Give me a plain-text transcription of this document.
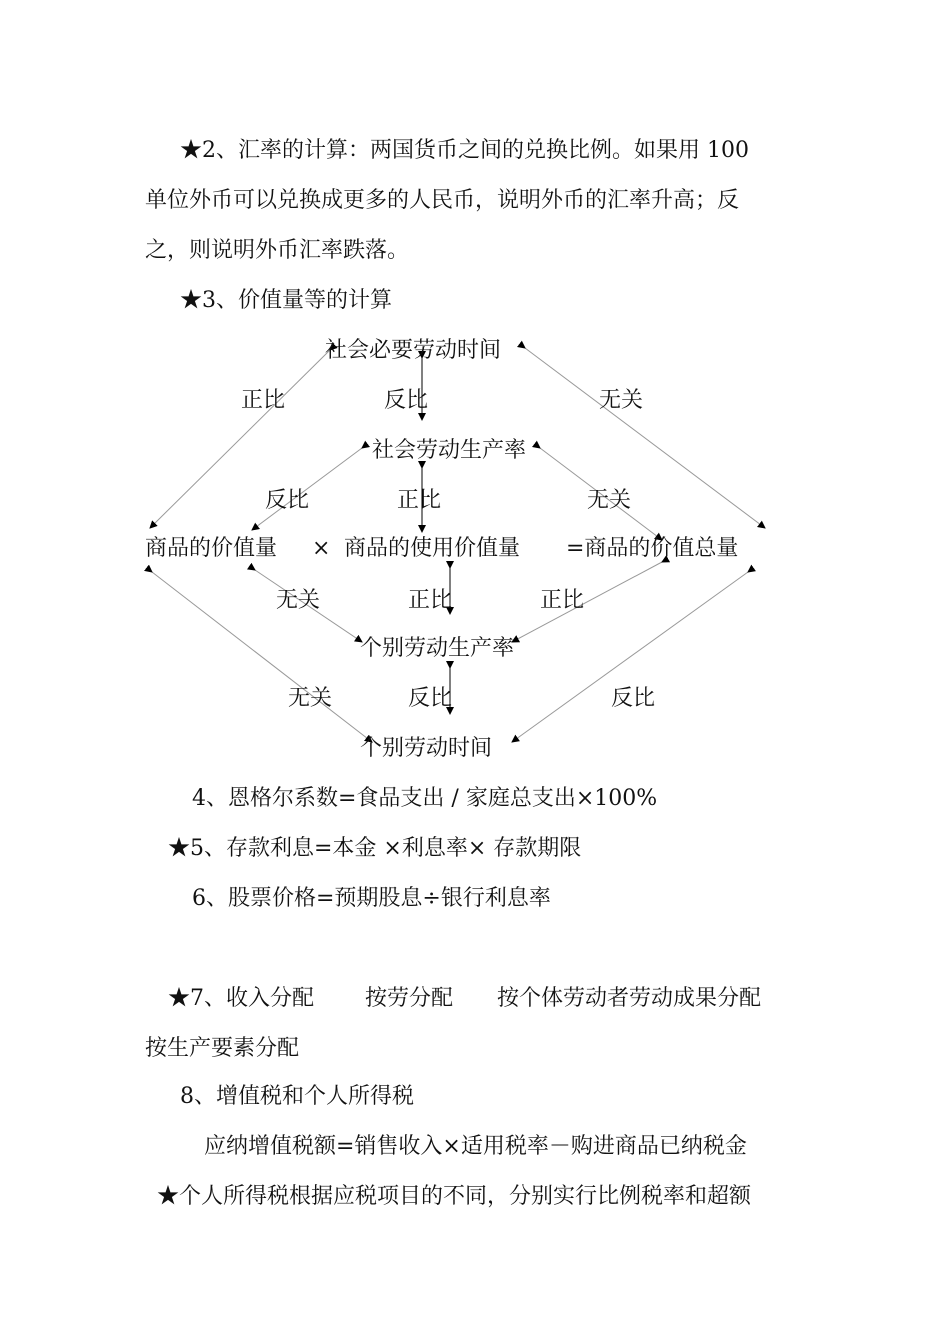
★2、汇率的计算：两国货币之间的兑换比例。如果用 100
单位外币可以兑换成更多的人民币，说明外币的汇率升高；反
之，则说明外币汇率跌落。
★3、价值量等的计算
社会必要劳动时间
社会劳动生产率
商品的价值量 × 商品的使用价值量 =商品的价值总量
个别劳动生产率
个别劳动时间
正比	反比	无关
反比	正比	无关
无关	正比	正比
无关	反比	反比
4、恩格尔系数=食品支出 / 家庭总支出×100%
★5、存款利息=本金 ×利息率× 存款期限
6、股票价格=预期股息÷银行利息率
★7、收入分配 按劳分配 按个体劳动者劳动成果分配
按生产要素分配
8、增值税和个人所得税
应纳增值税额=销售收入×适用税率－购进商品已纳税金
★个人所得税根据应税项目的不同，分别实行比例税率和超额
